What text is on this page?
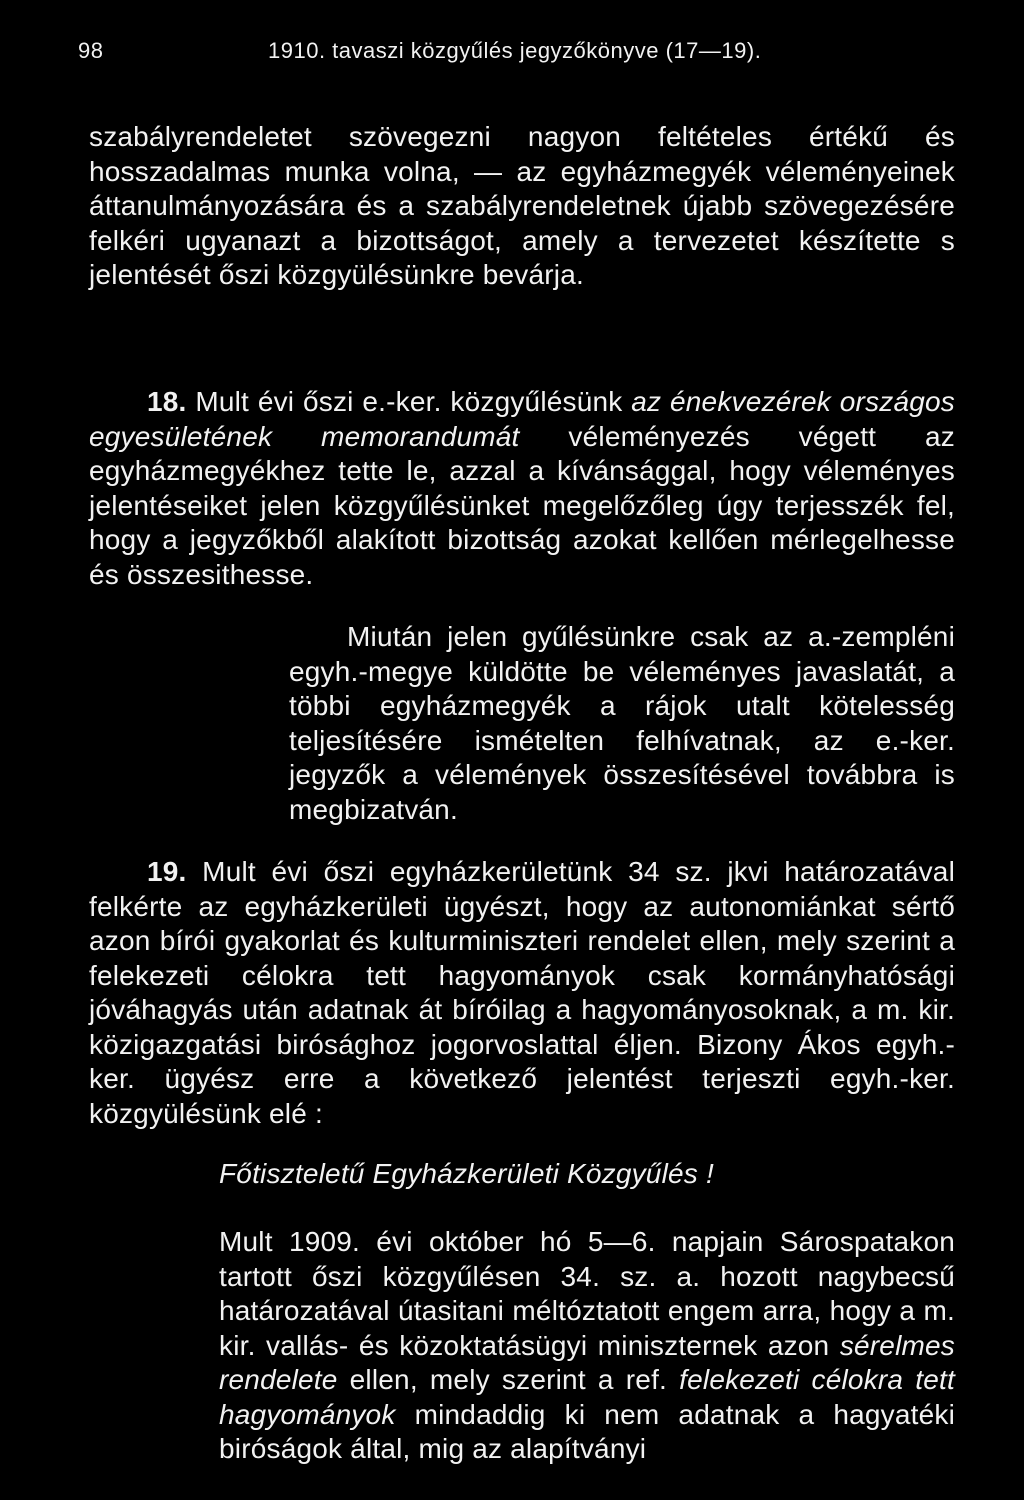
98	1910. tavaszi közgyűlés jegyzőkönyve (17—19).
szabályrendeletet szövegezni nagyon feltételes értékű és hosszadalmas munka volna, — az egyházmegyék véleményeinek áttanulmányozására és a szabályrendeletnek újabb szövegezésére felkéri ugyanazt a bizottságot, amely a tervezetet készítette s jelentését őszi közgyülésünkre bevárja.
18. Mult évi őszi e.-ker. közgyűlésünk az énekvezérek országos egyesületének memorandumát véleményezés végett az egyházmegyékhez tette le, azzal a kívánsággal, hogy véleményes jelentéseiket jelen közgyűlésünket megelőzőleg úgy terjesszék fel, hogy a jegyzőkből alakított bizottság azokat kellően mérlegelhesse és összesithesse.
Miután jelen gyűlésünkre csak az a.-zempléni egyh.-megye küldötte be véleményes javaslatát, a többi egyházmegyék a rájok utalt kötelesség teljesítésére ismételten felhívatnak, az e.-ker. jegyzők a vélemények összesítésével továbbra is megbizatván.
19. Mult évi őszi egyházkerületünk 34 sz. jkvi határozatával felkérte az egyházkerületi ügyészt, hogy az autonomiánkat sértő azon bírói gyakorlat és kulturminiszteri rendelet ellen, mely szerint a felekezeti célokra tett hagyományok csak kormányhatósági jóváhagyás után adatnak át bíróilag a hagyományosoknak, a m. kir. közigazgatási birósághoz jogorvoslattal éljen. Bizony Ákos egyh.-ker. ügyész erre a következő jelentést terjeszti egyh.-ker. közgyülésünk elé :
Főtiszteletű Egyházkerületi Közgyűlés !
Mult 1909. évi október hó 5—6. napjain Sárospatakon tartott őszi közgyűlésen 34. sz. a. hozott nagybecsű határozatával útasitani méltóztatott engem arra, hogy a m. kir. vallás- és közoktatásügyi miniszternek azon sérelmes rendelete ellen, mely szerint a ref. felekezeti célokra tett hagyományok mindaddig ki nem adatnak a hagyatéki biróságok által, mig az alapítványi
